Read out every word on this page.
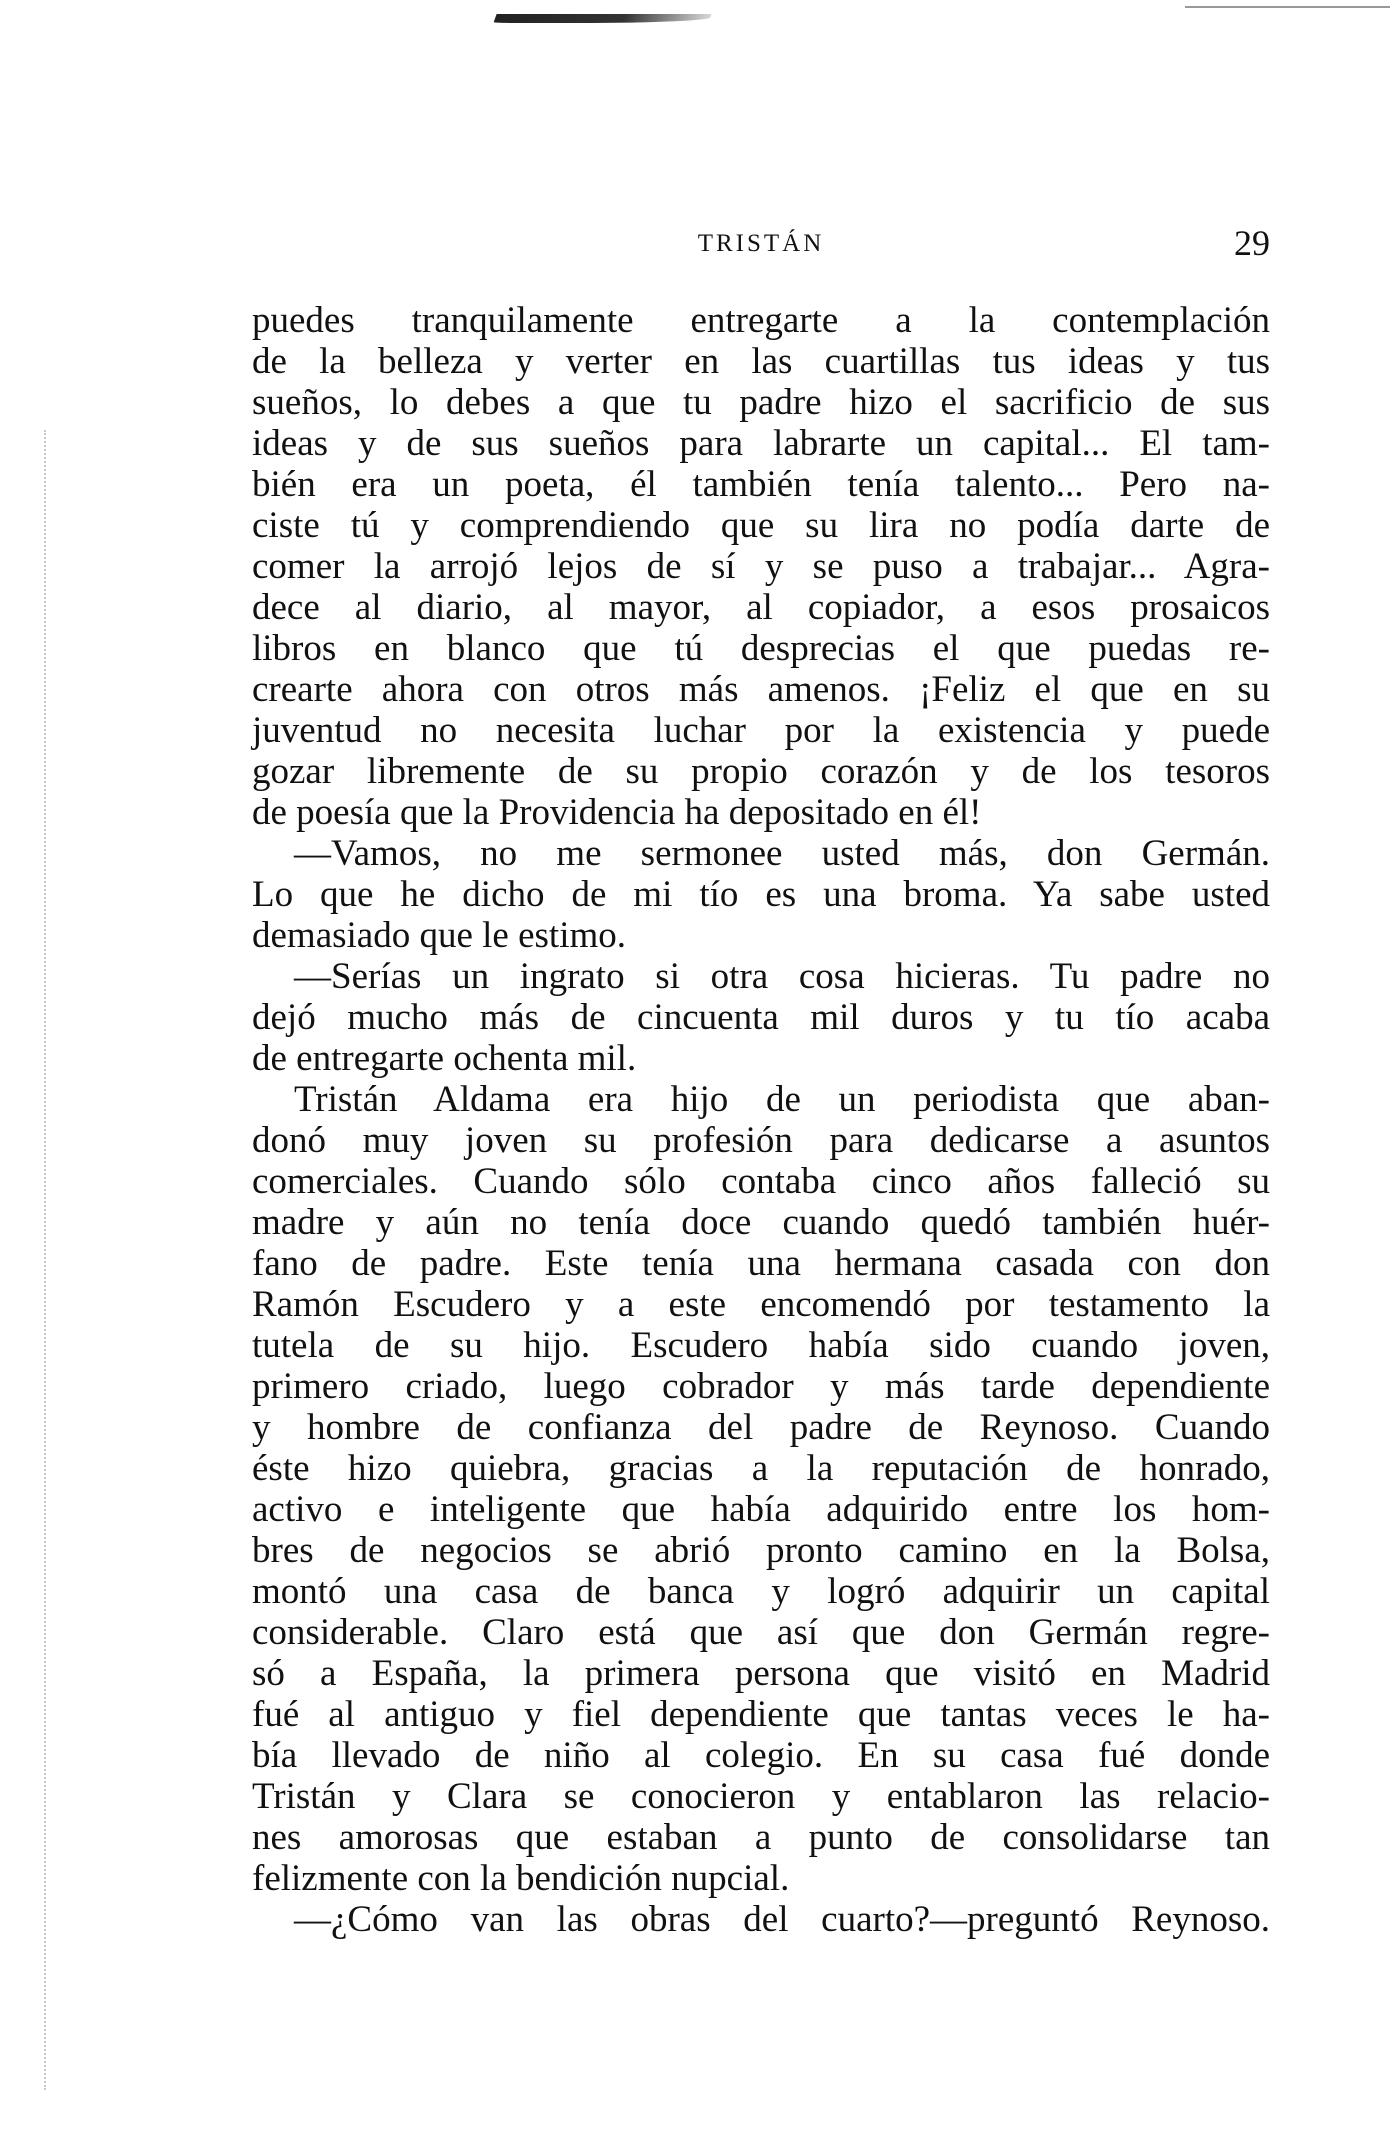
TRISTÁN	29
puedes tranquilamente entregarte a la contemplación
de la belleza y verter en las cuartillas tus ideas y tus
sueños, lo debes a que tu padre hizo el sacrificio de sus
ideas y de sus sueños para labrarte un capital... El tam-
bién era un poeta, él también tenía talento... Pero na-
ciste tú y comprendiendo que su lira no podía darte de
comer la arrojó lejos de sí y se puso a trabajar... Agra-
dece al diario, al mayor, al copiador, a esos prosaicos
libros en blanco que tú desprecias el que puedas re-
crearte ahora con otros más amenos. ¡Feliz el que en su
juventud no necesita luchar por la existencia y puede
gozar libremente de su propio corazón y de los tesoros
de poesía que la Providencia ha depositado en él!
—Vamos, no me sermonee usted más, don Germán.
Lo que he dicho de mi tío es una broma. Ya sabe usted
demasiado que le estimo.
—Serías un ingrato si otra cosa hicieras. Tu padre no
dejó mucho más de cincuenta mil duros y tu tío acaba
de entregarte ochenta mil.
Tristán Aldama era hijo de un periodista que aban-
donó muy joven su profesión para dedicarse a asuntos
comerciales. Cuando sólo contaba cinco años falleció su
madre y aún no tenía doce cuando quedó también huér-
fano de padre. Este tenía una hermana casada con don
Ramón Escudero y a este encomendó por testamento la
tutela de su hijo. Escudero había sido cuando joven,
primero criado, luego cobrador y más tarde dependiente
y hombre de confianza del padre de Reynoso. Cuando
éste hizo quiebra, gracias a la reputación de honrado,
activo e inteligente que había adquirido entre los hom-
bres de negocios se abrió pronto camino en la Bolsa,
montó una casa de banca y logró adquirir un capital
considerable. Claro está que así que don Germán regre-
só a España, la primera persona que visitó en Madrid
fué al antiguo y fiel dependiente que tantas veces le ha-
bía llevado de niño al colegio. En su casa fué donde
Tristán y Clara se conocieron y entablaron las relacio-
nes amorosas que estaban a punto de consolidarse tan
felizmente con la bendición nupcial.
—¿Cómo van las obras del cuarto?—preguntó Reynoso.
